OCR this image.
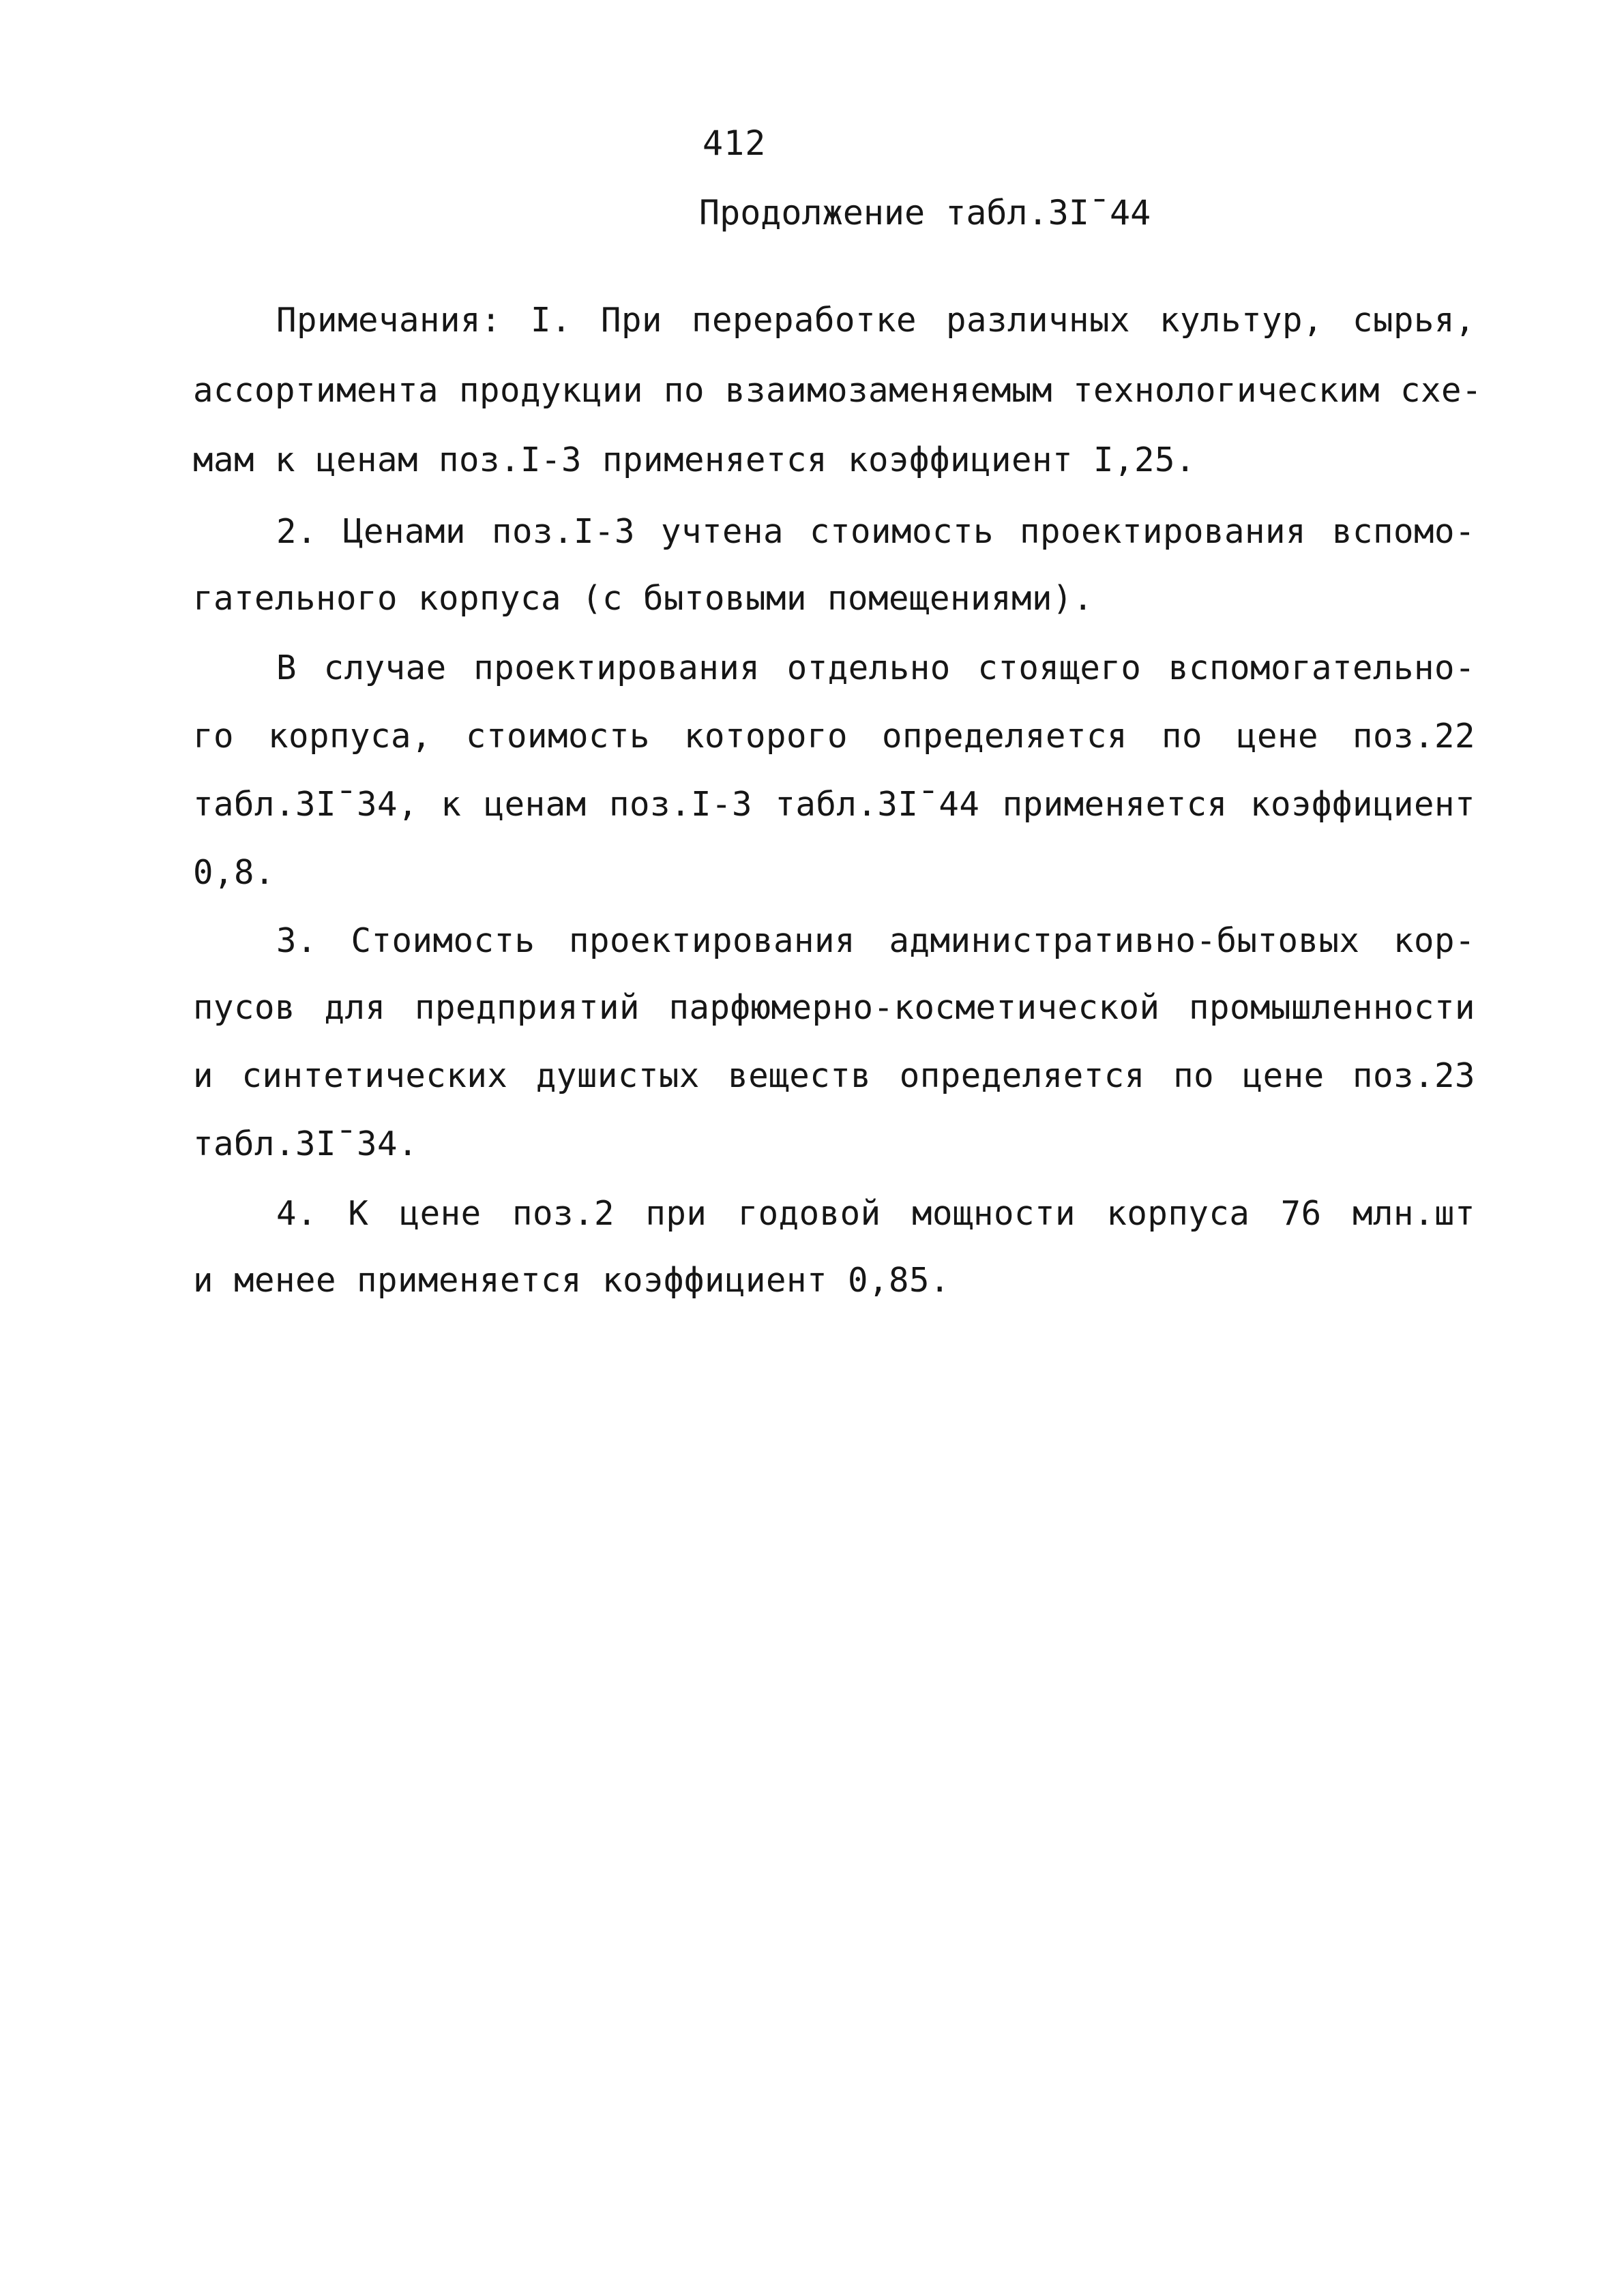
412
Продолжение табл.3I¯44
Примечания: I. При переработке различных культур, сырья,
ассортимента продукции по взаимозаменяемым технологическим схе-
мам к ценам поз.I-3 применяется коэффициент I,25.
2. Ценами поз.I-3 учтена стоимость проектирования вспомо-
гательного корпуса (с бытовыми помещениями).
В случае проектирования отдельно стоящего вспомогательно-
го корпуса, стоимость которого определяется по цене поз.22
табл.3I¯34, к ценам поз.I-3 табл.3I¯44 применяется коэффициент
0,8.
3. Стоимость проектирования административно-бытовых кор-
пусов для предприятий парфюмерно-косметической промышленности
и синтетических душистых веществ определяется по цене поз.23
табл.3I¯34.
4. К цене поз.2 при годовой мощности корпуса 76 млн.шт
и менее применяется коэффициент 0,85.
